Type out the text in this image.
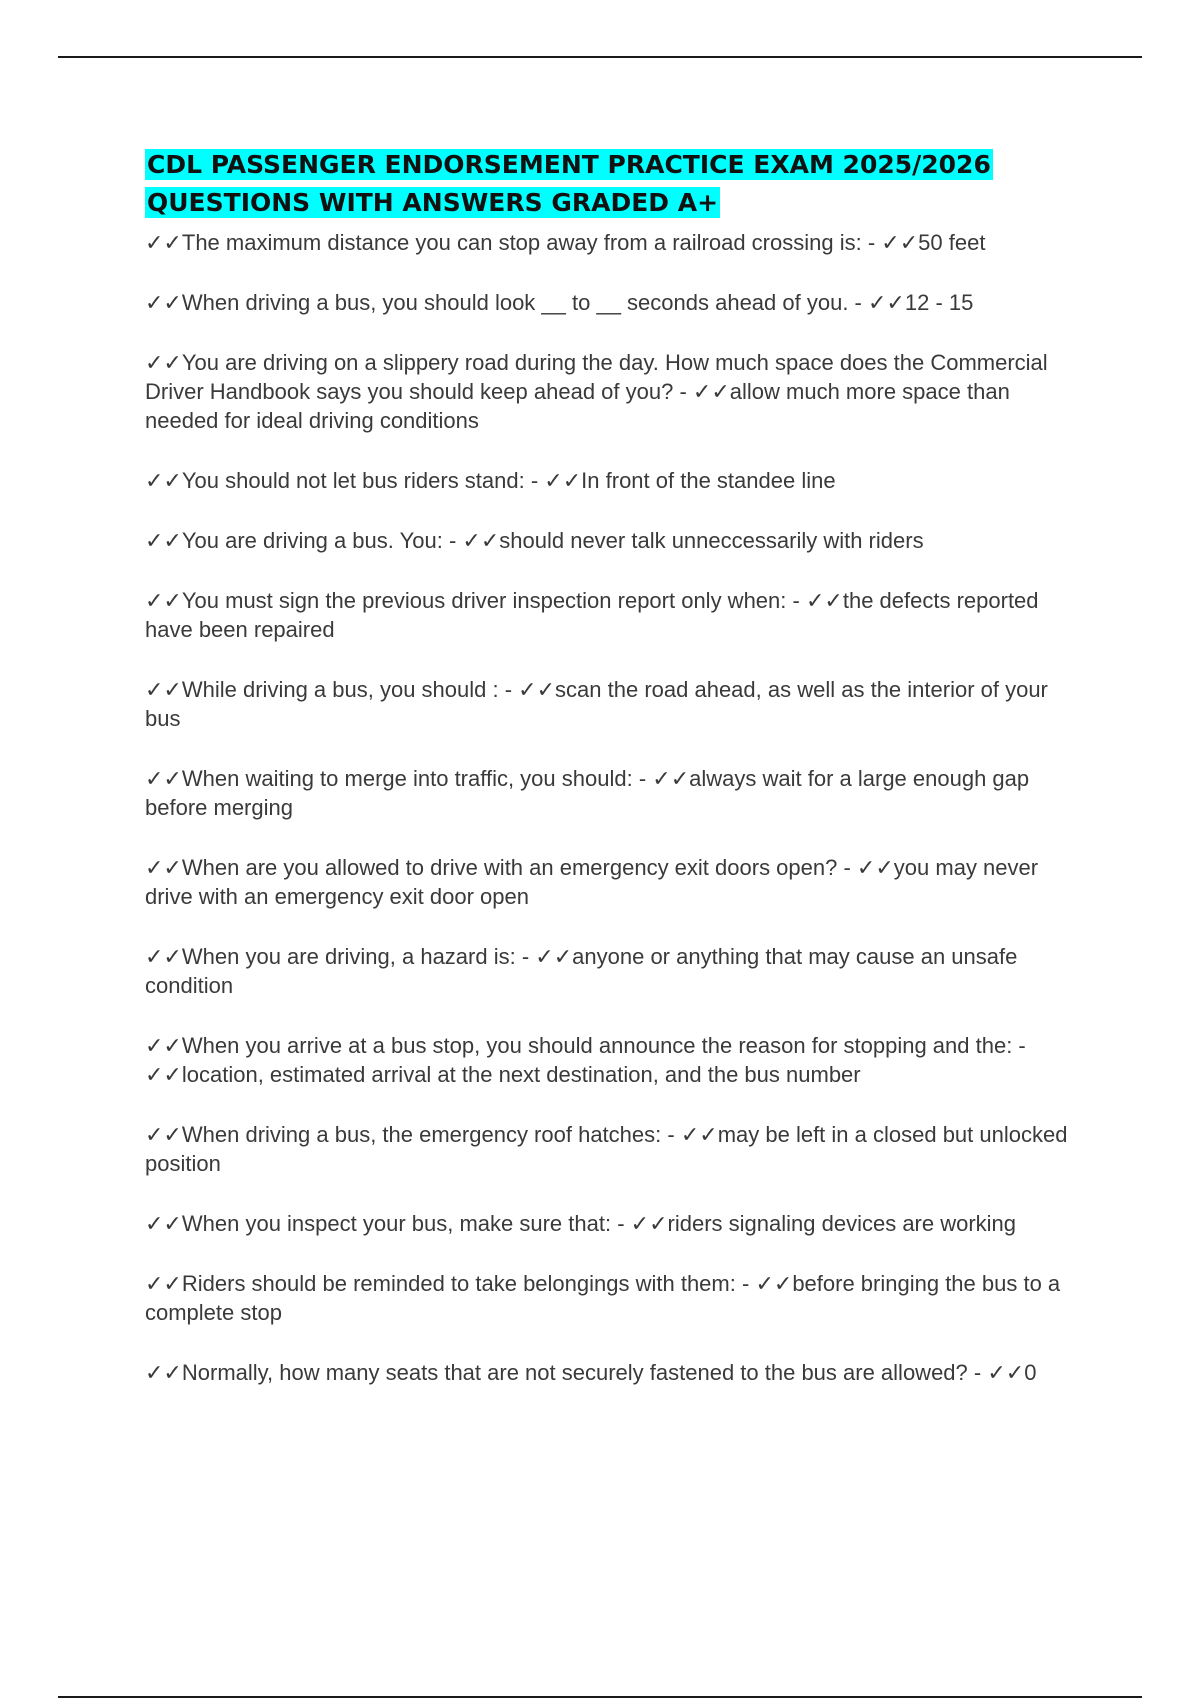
CDL PASSENGER ENDORSEMENT PRACTICE EXAM 2025/2026
QUESTIONS WITH ANSWERS GRADED A+
✓✓The maximum distance you can stop away from a railroad crossing is: - ✓✓50 feet
✓✓When driving a bus, you should look __ to __ seconds ahead of you. - ✓✓12 - 15
✓✓You are driving on a slippery road during the day. How much space does the Commercial Driver Handbook says you should keep ahead of you? - ✓✓allow much more space than needed for ideal driving conditions
✓✓You should not let bus riders stand: - ✓✓In front of the standee line
✓✓You are driving a bus. You: - ✓✓should never talk unneccessarily with riders
✓✓You must sign the previous driver inspection report only when: - ✓✓the defects reported have been repaired
✓✓While driving a bus, you should : - ✓✓scan the road ahead, as well as the interior of your bus
✓✓When waiting to merge into traffic, you should: - ✓✓always wait for a large enough gap before merging
✓✓When are you allowed to drive with an emergency exit doors open? - ✓✓you may never drive with an emergency exit door open
✓✓When you are driving, a hazard is: - ✓✓anyone or anything that may cause an unsafe condition
✓✓When you arrive at a bus stop, you should announce the reason for stopping and the: - ✓✓location, estimated arrival at the next destination, and the bus number
✓✓When driving a bus, the emergency roof hatches: - ✓✓may be left in a closed but unlocked position
✓✓When you inspect your bus, make sure that: - ✓✓riders signaling devices are working
✓✓Riders should be reminded to take belongings with them: - ✓✓before bringing the bus to a complete stop
✓✓Normally, how many seats that are not securely fastened to the bus are allowed? - ✓✓0
